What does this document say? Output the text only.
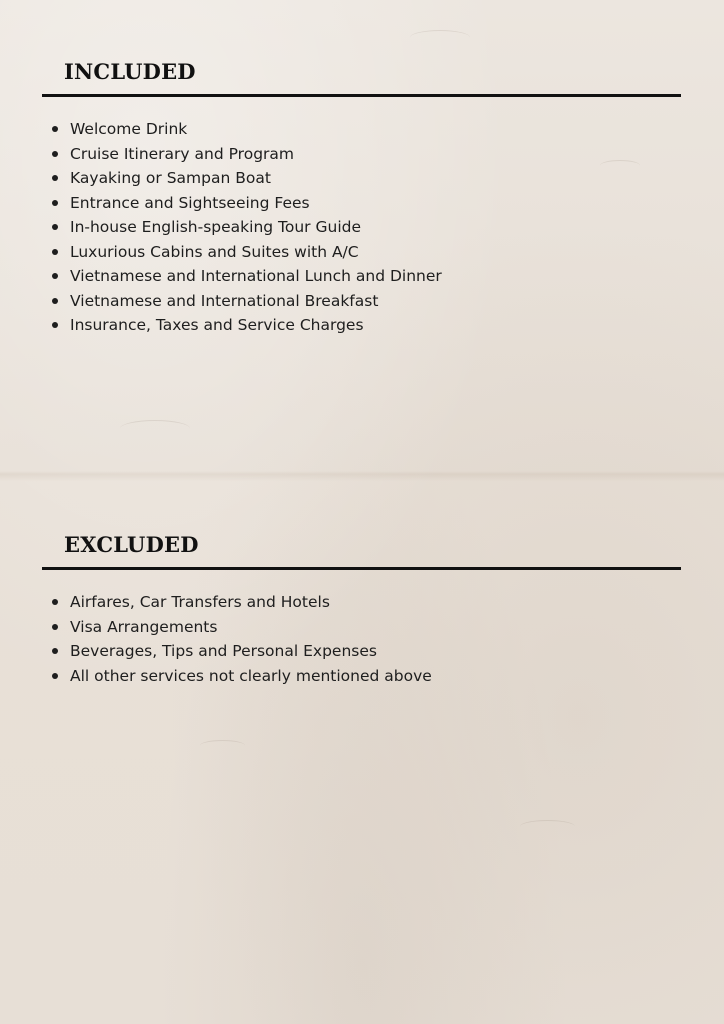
INCLUDED
Welcome Drink
Cruise Itinerary and Program
Kayaking or Sampan Boat
Entrance and Sightseeing Fees
In-house English-speaking Tour Guide
Luxurious Cabins and Suites with A/C
Vietnamese and International Lunch and Dinner
Vietnamese and International Breakfast
Insurance, Taxes and Service Charges
EXCLUDED
Airfares, Car Transfers and Hotels
Visa Arrangements
Beverages, Tips and Personal Expenses
All other services not clearly mentioned above
